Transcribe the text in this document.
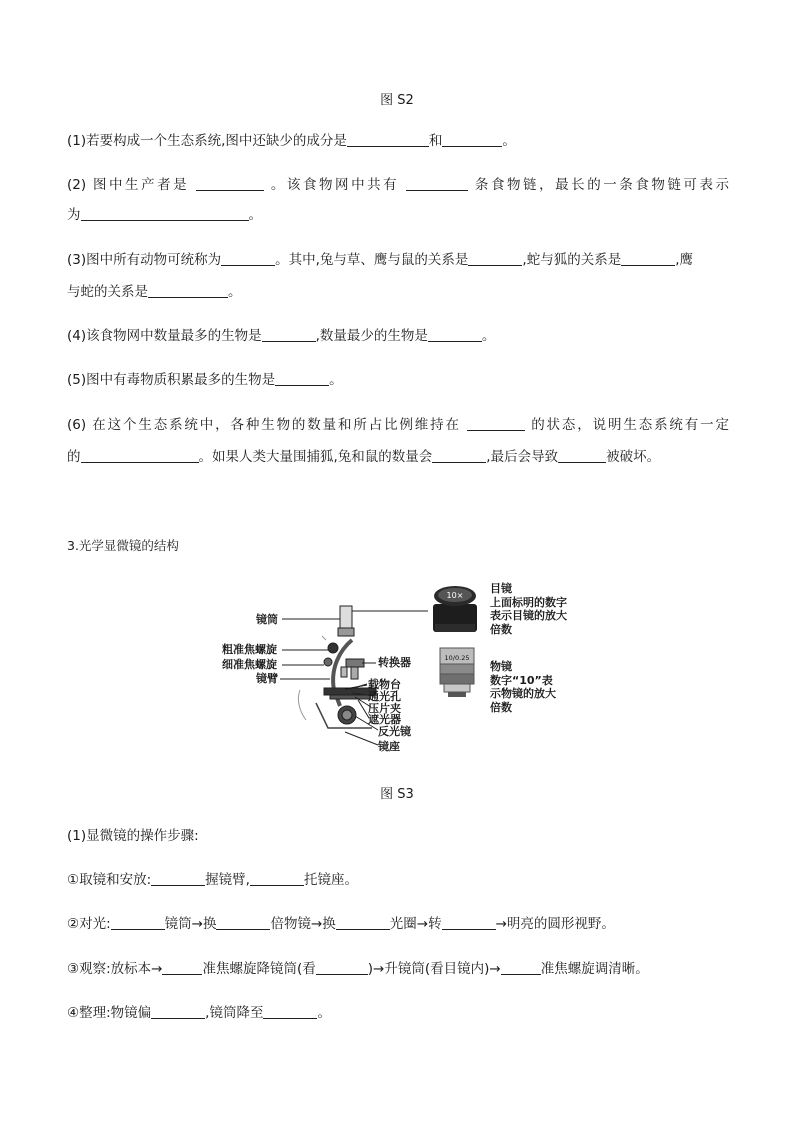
图 S2
(1)若要构成一个生态系统,图中还缺少的成分是	和	。
(2) 图中生产者是	。该食物网中共有	条食物链，最长的一条食物链可表示
为	。
(3)图中所有动物可统称为	。其中,兔与草、鹰与鼠的关系是	,蛇与狐的关系是	,鹰
与蛇的关系是	。
(4)该食物网中数量最多的生物是	,数量最少的生物是	。
(5)图中有毒物质积累最多的生物是	。
(6) 在这个生态系统中，各种生物的数量和所占比例维持在	的状态，说明生态系统有一定
的	。如果人类大量围捕狐,兔和鼠的数量会	,最后会导致	被破坏。
3.光学显微镜的结构
10×
10/0.25
镜筒
粗准焦螺旋
细准焦螺旋
镜臂
转换器
载物台
通光孔
压片夹
遮光器
反光镜
镜座
目镜
上面标明的数字
表示目镜的放大
倍数
物镜
数字“10”表
示物镜的放大
倍数
图 S3
(1)显微镜的操作步骤:
①取镜和安放:	握镜臂,	托镜座。
②对光:	镜筒→换	倍物镜→换	光圈→转	→明亮的圆形视野。
③观察:放标本→	准焦螺旋降镜筒(看	)→升镜筒(看目镜内)→	准焦螺旋调清晰。
④整理:物镜偏	,镜筒降至	。
